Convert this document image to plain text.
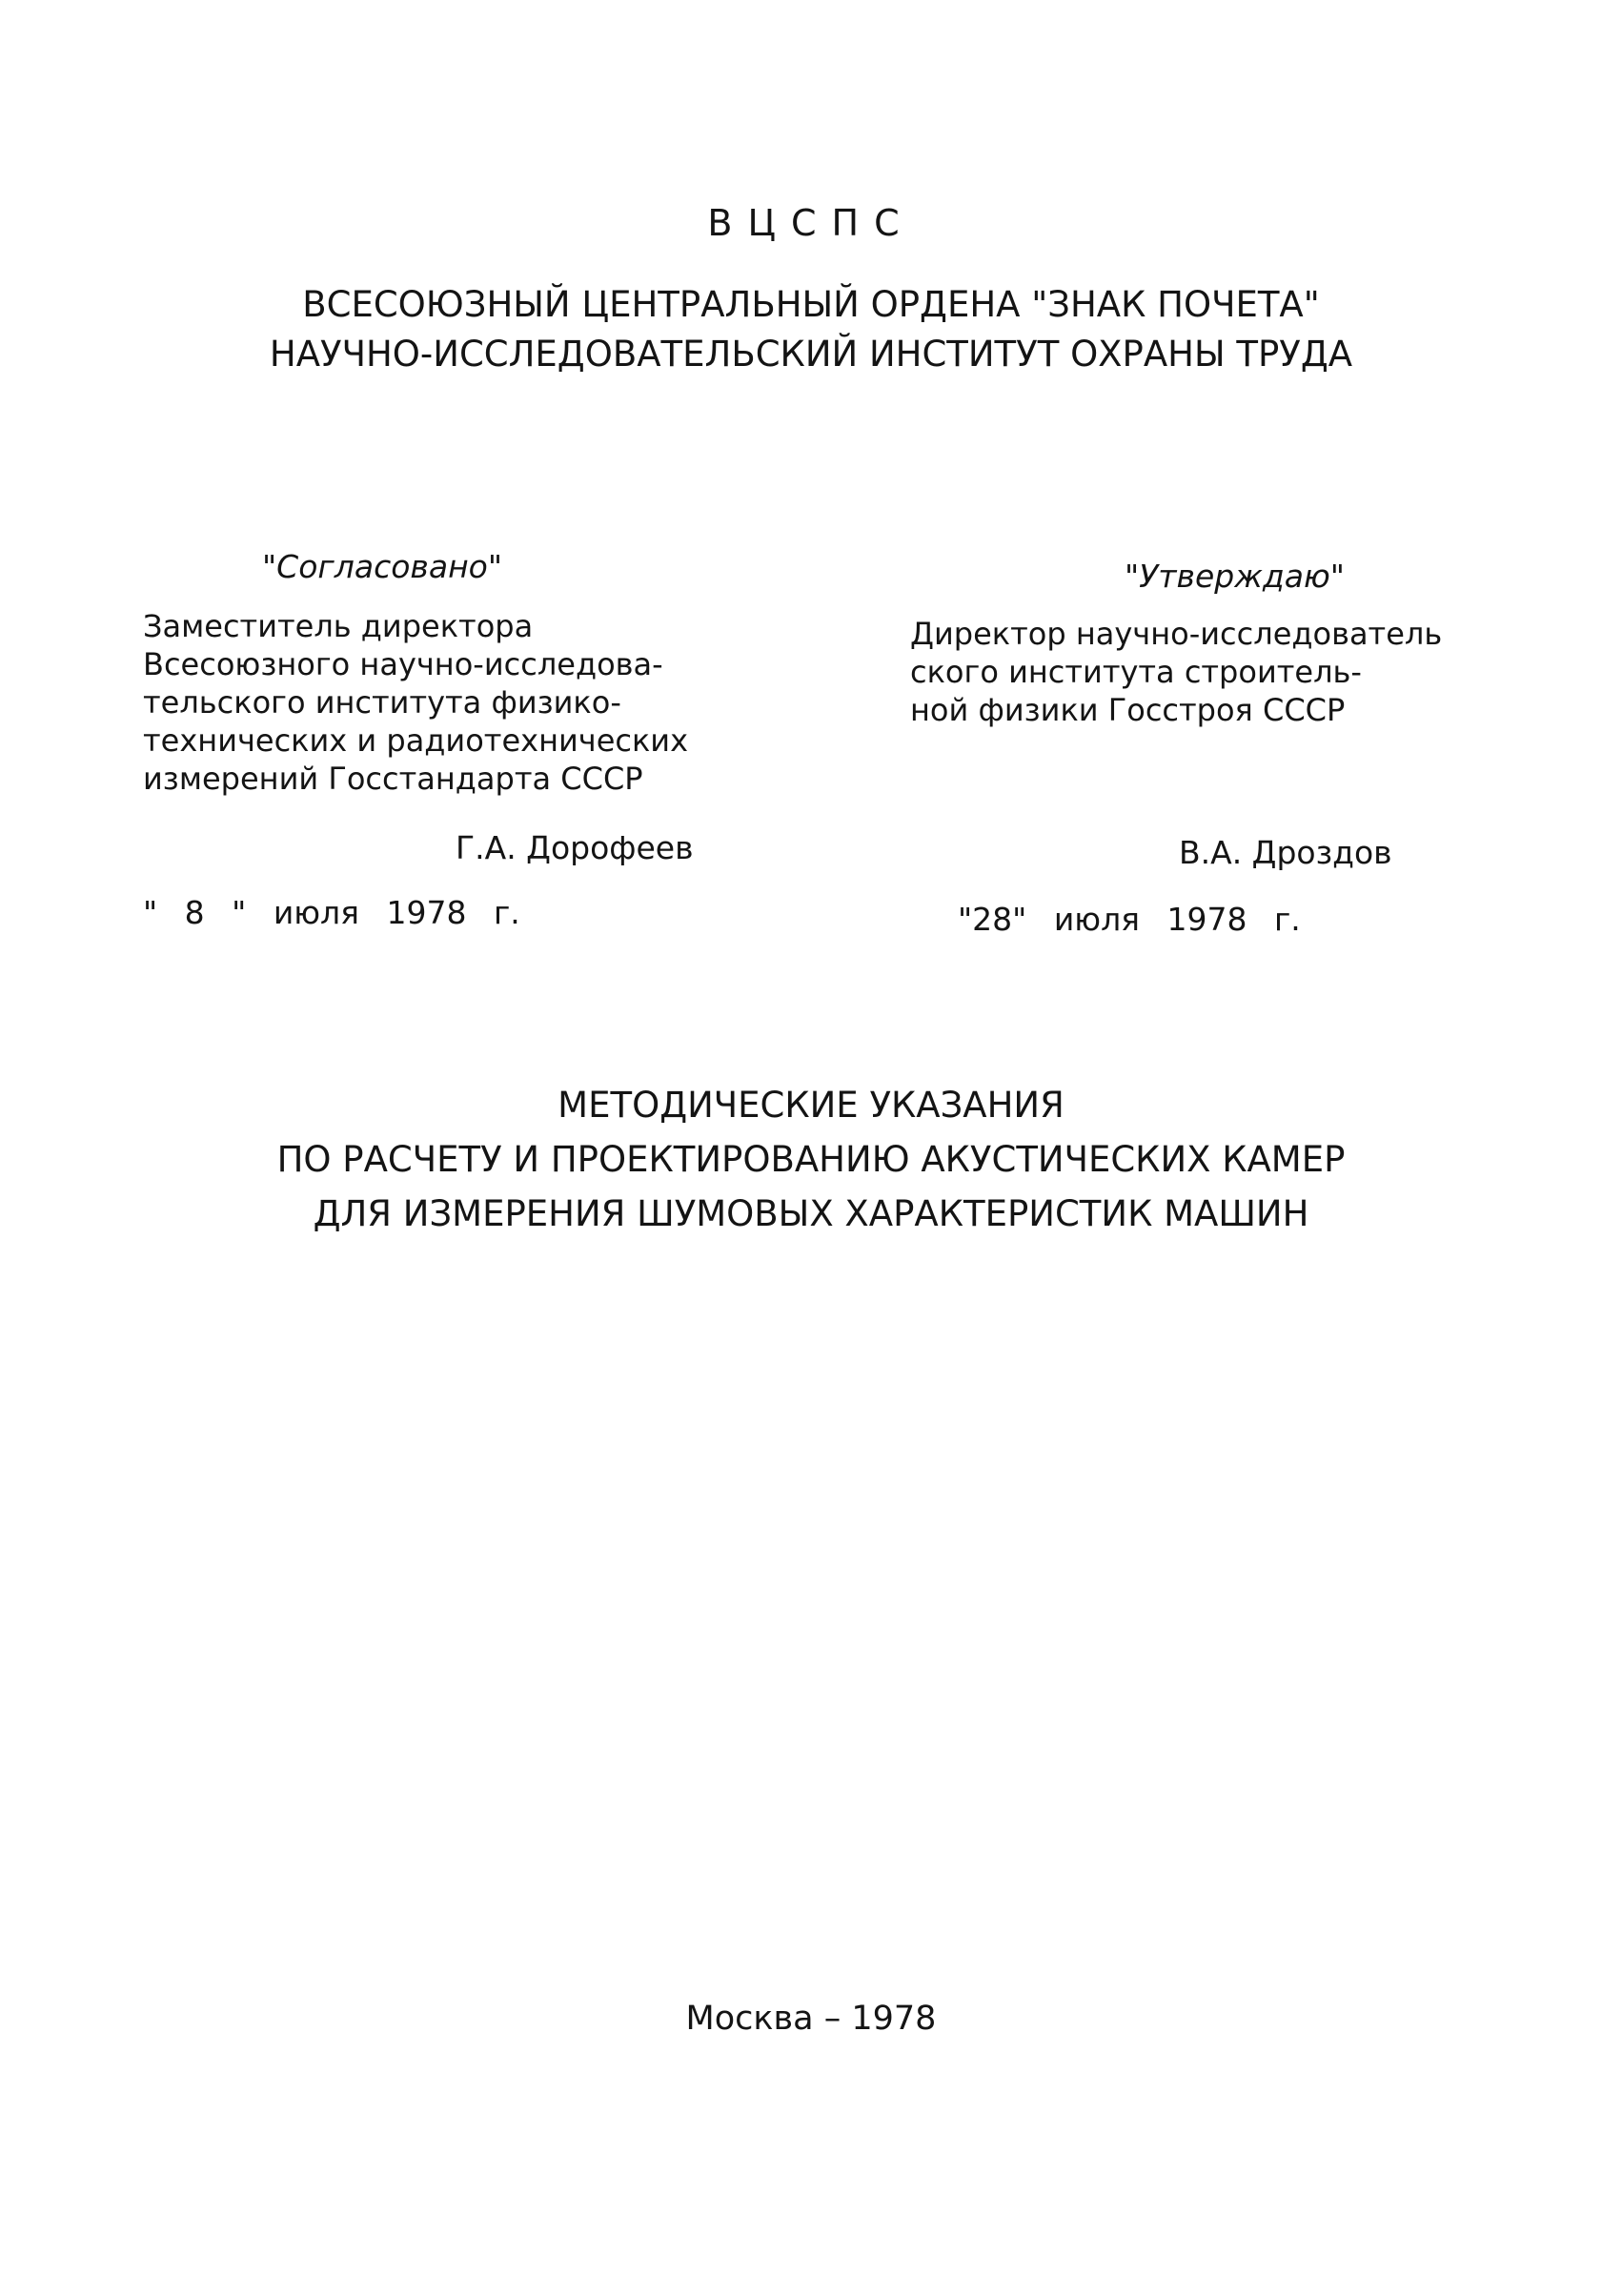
ВЦСПС
ВСЕСОЮЗНЫЙ ЦЕНТРАЛЬНЫЙ ОРДЕНА "ЗНАК ПОЧЕТА"
НАУЧНО-ИССЛЕДОВАТЕЛЬСКИЙ ИНСТИТУТ ОХРАНЫ ТРУДА
"Согласовано"
Заместитель директора
Всесоюзного научно-исследова-
тельского института физико-
технических и радиотехнических
измерений Госстандарта СССР
Г.А. Дорофеев
" 8 " июля 1978 г.
"Утверждаю"
Директор научно-исследователь
ского института строитель-
ной физики Госстроя СССР
В.А. Дроздов
"28" июля 1978 г.
МЕТОДИЧЕСКИЕ УКАЗАНИЯ
ПО РАСЧЕТУ И ПРОЕКТИРОВАНИЮ АКУСТИЧЕСКИХ КАМЕР
ДЛЯ ИЗМЕРЕНИЯ ШУМОВЫХ ХАРАКТЕРИСТИК МАШИН
Москва – 1978
